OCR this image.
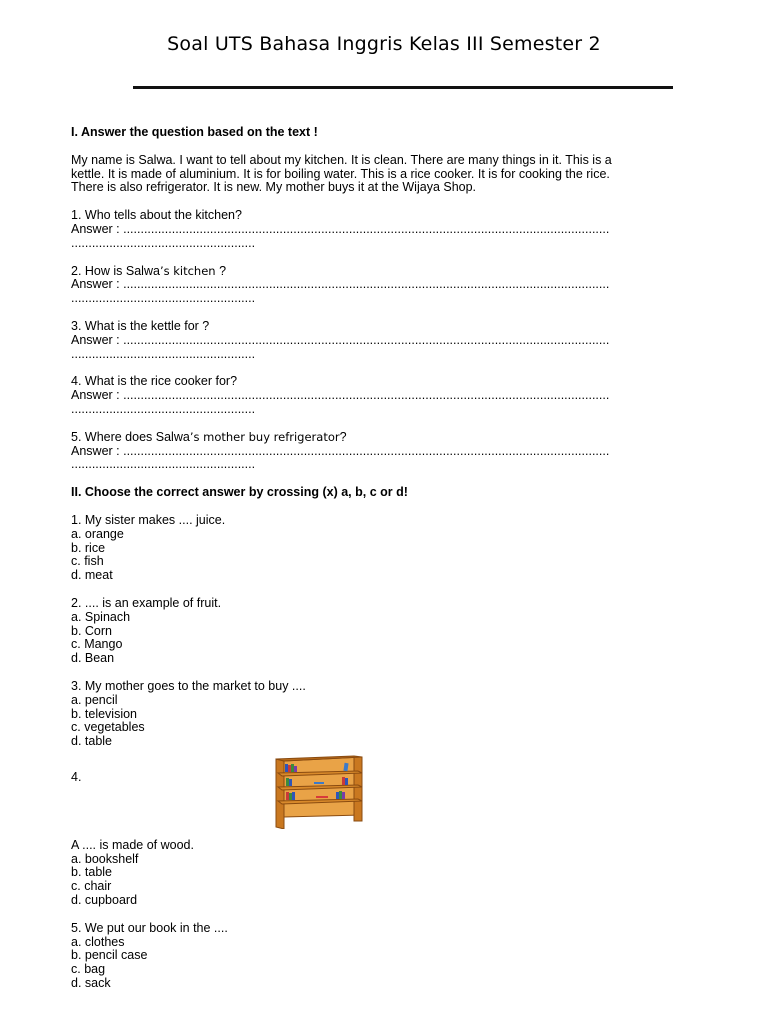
Soal UTS Bahasa Inggris Kelas III Semester 2
I. Answer the question based on the text !
My name is Salwa. I want to tell about my kitchen. It is clean. There are many things in it. This is a
kettle. It is made of aluminium. It is for boiling water. This is a rice cooker. It is for cooking the rice.
There is also refrigerator. It is new. My mother buys it at the Wijaya Shop.
1. Who tells about the kitchen?
Answer : ............................................................................................................................................
.....................................................
2. How is Salwa’s kitchen ?
Answer : ............................................................................................................................................
.....................................................
3. What is the kettle for ?
Answer : ............................................................................................................................................
.....................................................
4. What is the rice cooker for?
Answer : ............................................................................................................................................
.....................................................
5. Where does Salwa’s mother buy refrigerator?
Answer : ............................................................................................................................................
.....................................................
II. Choose the correct answer by crossing (x) a, b, c or d!
1. My sister makes .... juice.
a. orange
b. rice
c. fish
d. meat
2. .... is an example of fruit.
a. Spinach
b. Corn
c. Mango
d. Bean
3. My mother goes to the market to buy ....
a. pencil
b. television
c. vegetables
d. table
4.
A .... is made of wood.
a. bookshelf
b. table
c. chair
d. cupboard
5. We put our book in the ....
a. clothes
b. pencil case
c. bag
d. sack
